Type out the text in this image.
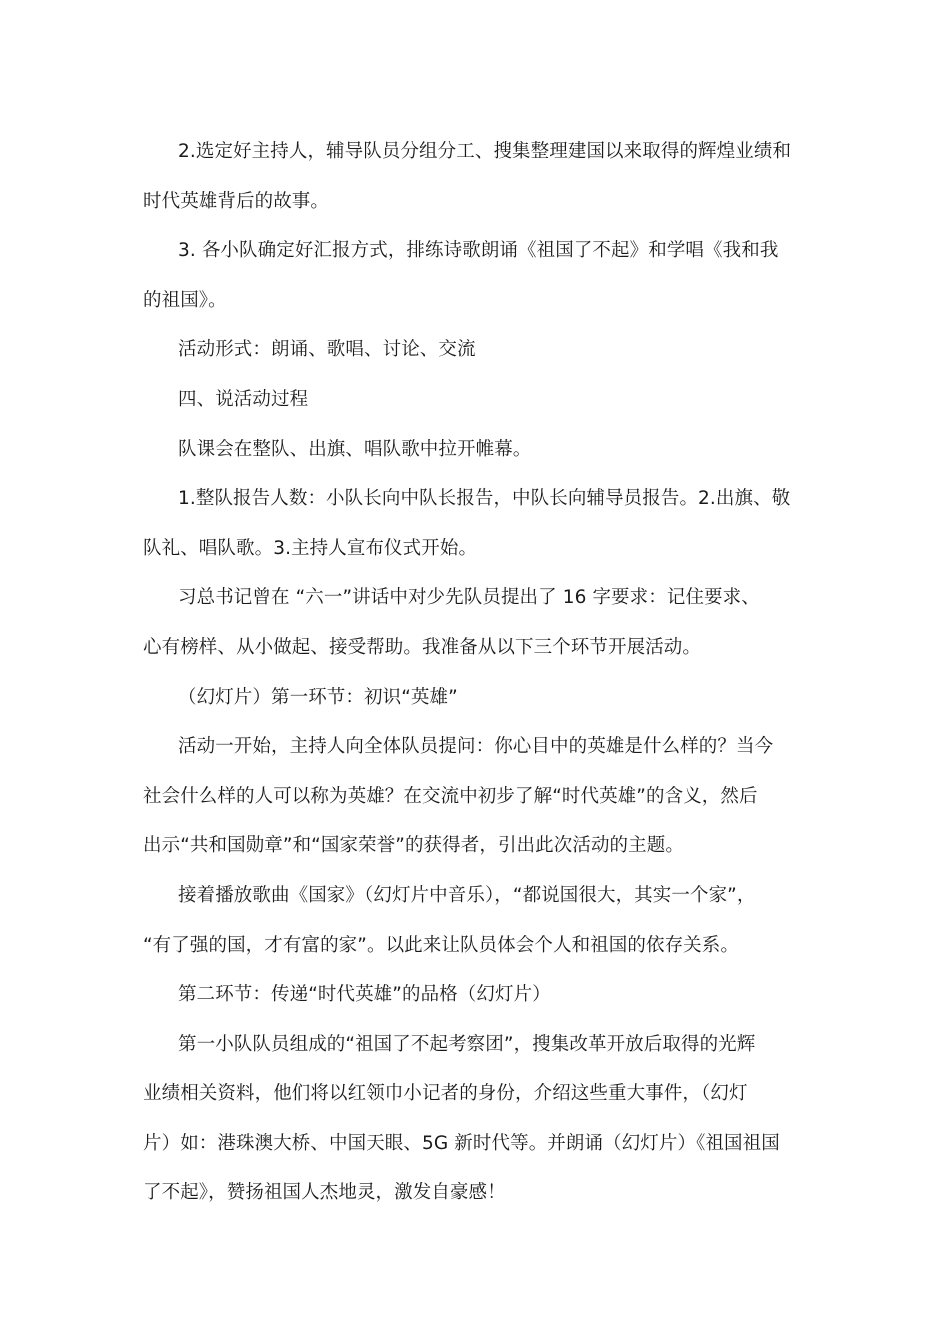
2.选定好主持人，辅导队员分组分工、搜集整理建国以来取得的辉煌业绩和
时代英雄背后的故事。

3. 各小队确定好汇报方式，排练诗歌朗诵《祖国了不起》和学唱《我和我
的祖国》。

活动形式：朗诵、歌唱、讨论、交流

四、说活动过程

队课会在整队、出旗、唱队歌中拉开帷幕。

1.整队报告人数：小队长向中队长报告，中队长向辅导员报告。2.出旗、敬
队礼、唱队歌。3.主持人宣布仪式开始。

习总书记曾在 “六一”讲话中对少先队员提出了 16 字要求：记住要求、
心有榜样、从小做起、接受帮助。我准备从以下三个环节开展活动。

（幻灯片）第一环节：初识“英雄”

活动一开始，主持人向全体队员提问：你心目中的英雄是什么样的？当今
社会什么样的人可以称为英雄？在交流中初步了解“时代英雄”的含义，然后
出示“共和国勋章”和“国家荣誉”的获得者，引出此次活动的主题。

接着播放歌曲《国家》（幻灯片中音乐），“都说国很大，其实一个家”，
“有了强的国，才有富的家”。以此来让队员体会个人和祖国的依存关系。

第二环节：传递“时代英雄”的品格（幻灯片）

第一小队队员组成的“祖国了不起考察团”，搜集改革开放后取得的光辉
业绩相关资料，他们将以红领巾小记者的身份，介绍这些重大事件，（幻灯
片）如：港珠澳大桥、中国天眼、5G 新时代等。并朗诵（幻灯片）《祖国祖国
了不起》，赞扬祖国人杰地灵，激发自豪感！
